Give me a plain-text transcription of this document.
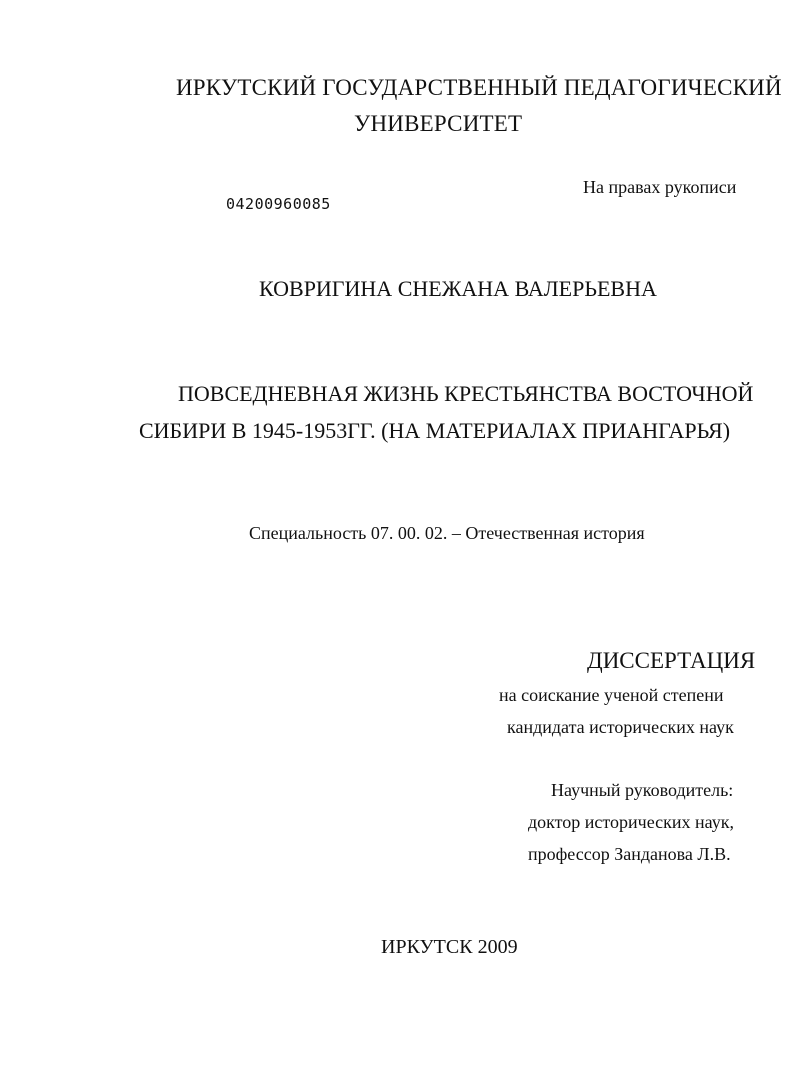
ИРКУТСКИЙ ГОСУДАРСТВЕННЫЙ ПЕДАГОГИЧЕСКИЙ

УНИВЕРСИТЕТ

На правах рукописи

04200960085

КОВРИГИНА СНЕЖАНА ВАЛЕРЬЕВНА

ПОВСЕДНЕВНАЯ ЖИЗНЬ КРЕСТЬЯНСТВА ВОСТОЧНОЙ

СИБИРИ В 1945-1953ГГ. (НА МАТЕРИАЛАХ ПРИАНГАРЬЯ)

Специальность 07. 00. 02. – Отечественная история

ДИССЕРТАЦИЯ

на соискание ученой степени

кандидата исторических наук

Научный руководитель:

доктор исторических наук,

профессор Занданова Л.В.

ИРКУТСК 2009
